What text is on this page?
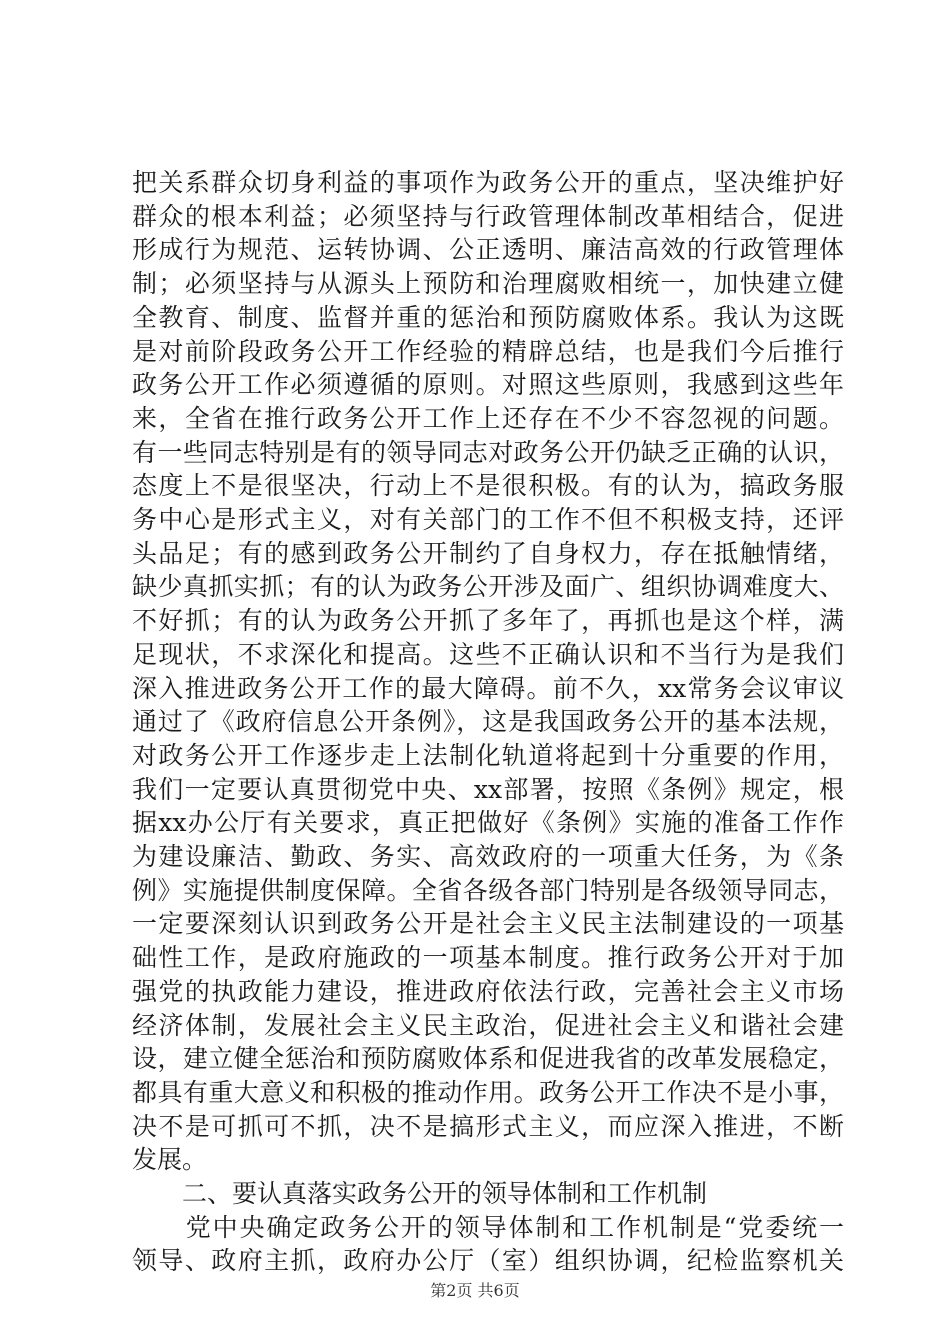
把关系群众切身利益的事项作为政务公开的重点，坚决维护好
群众的根本利益；必须坚持与行政管理体制改革相结合，促进
形成行为规范、运转协调、公正透明、廉洁高效的行政管理体
制；必须坚持与从源头上预防和治理腐败相统一，加快建立健
全教育、制度、监督并重的惩治和预防腐败体系。我认为这既
是对前阶段政务公开工作经验的精辟总结，也是我们今后推行
政务公开工作必须遵循的原则。对照这些原则，我感到这些年
来，全省在推行政务公开工作上还存在不少不容忽视的问题。
有一些同志特别是有的领导同志对政务公开仍缺乏正确的认识，
态度上不是很坚决，行动上不是很积极。有的认为，搞政务服
务中心是形式主义，对有关部门的工作不但不积极支持，还评
头品足；有的感到政务公开制约了自身权力，存在抵触情绪，
缺少真抓实抓；有的认为政务公开涉及面广、组织协调难度大、
不好抓；有的认为政务公开抓了多年了，再抓也是这个样，满
足现状，不求深化和提高。这些不正确认识和不当行为是我们
深入推进政务公开工作的最大障碍。前不久，xx常务会议审议
通过了《政府信息公开条例》，这是我国政务公开的基本法规，
对政务公开工作逐步走上法制化轨道将起到十分重要的作用，
我们一定要认真贯彻党中央、xx部署，按照《条例》规定，根
据xx办公厅有关要求，真正把做好《条例》实施的准备工作作
为建设廉洁、勤政、务实、高效政府的一项重大任务，为《条
例》实施提供制度保障。全省各级各部门特别是各级领导同志，
一定要深刻认识到政务公开是社会主义民主法制建设的一项基
础性工作，是政府施政的一项基本制度。推行政务公开对于加
强党的执政能力建设，推进政府依法行政，完善社会主义市场
经济体制，发展社会主义民主政治，促进社会主义和谐社会建
设，建立健全惩治和预防腐败体系和促进我省的改革发展稳定，
都具有重大意义和积极的推动作用。政务公开工作决不是小事，
决不是可抓可不抓，决不是搞形式主义，而应深入推进，不断
发展。
　　二、要认真落实政务公开的领导体制和工作机制
　　党中央确定政务公开的领导体制和工作机制是“党委统一
领导、政府主抓，政府办公厅（室）组织协调，纪检监察机关
第2页 共6页
